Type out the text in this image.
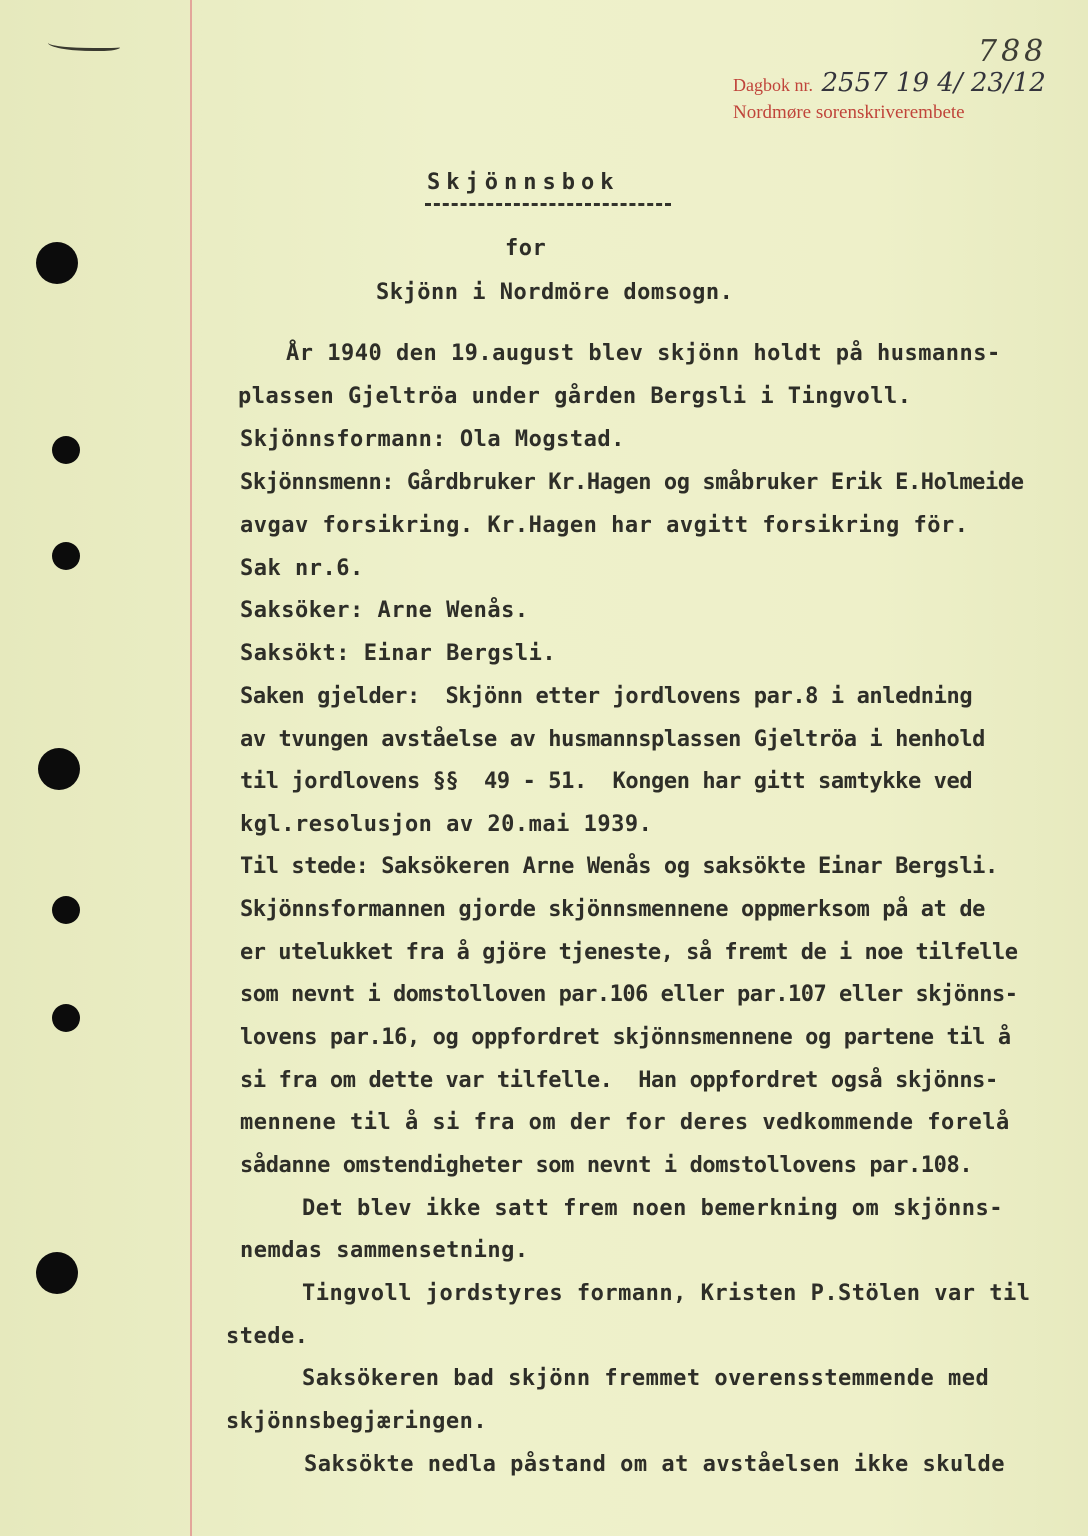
788
Dagbok nr. 2557 19 4/ 23/12
Nordmøre sorenskriverembete
Skjönnsbok
for
Skjönn i Nordmöre domsogn.
År 1940 den 19.august blev skjönn holdt på husmanns-
plassen Gjeltröa under gården Bergsli i Tingvoll.
Skjönnsformann: Ola Mogstad.
Skjönnsmenn: Gårdbruker Kr.Hagen og småbruker Erik E.Holmeide
avgav forsikring. Kr.Hagen har avgitt forsikring för.
Sak nr.6.
Saksöker: Arne Wenås.
Saksökt: Einar Bergsli.
Saken gjelder:  Skjönn etter jordlovens par.8 i anledning
av tvungen avståelse av husmannsplassen Gjeltröa i henhold
til jordlovens §§  49 - 51.  Kongen har gitt samtykke ved
kgl.resolusjon av 20.mai 1939.
Til stede: Saksökeren Arne Wenås og saksökte Einar Bergsli.
Skjönnsformannen gjorde skjönnsmennene oppmerksom på at de
er utelukket fra å gjöre tjeneste, så fremt de i noe tilfelle
som nevnt i domstolloven par.106 eller par.107 eller skjönns-
lovens par.16, og oppfordret skjönnsmennene og partene til å
si fra om dette var tilfelle.  Han oppfordret også skjönns-
mennene til å si fra om der for deres vedkommende forelå
sådanne omstendigheter som nevnt i domstollovens par.108.
Det blev ikke satt frem noen bemerkning om skjönns-
nemdas sammensetning.
Tingvoll jordstyres formann, Kristen P.Stölen var til
stede.
Saksökeren bad skjönn fremmet overensstemmende med
skjönnsbegjæringen.
Saksökte nedla påstand om at avståelsen ikke skulde
